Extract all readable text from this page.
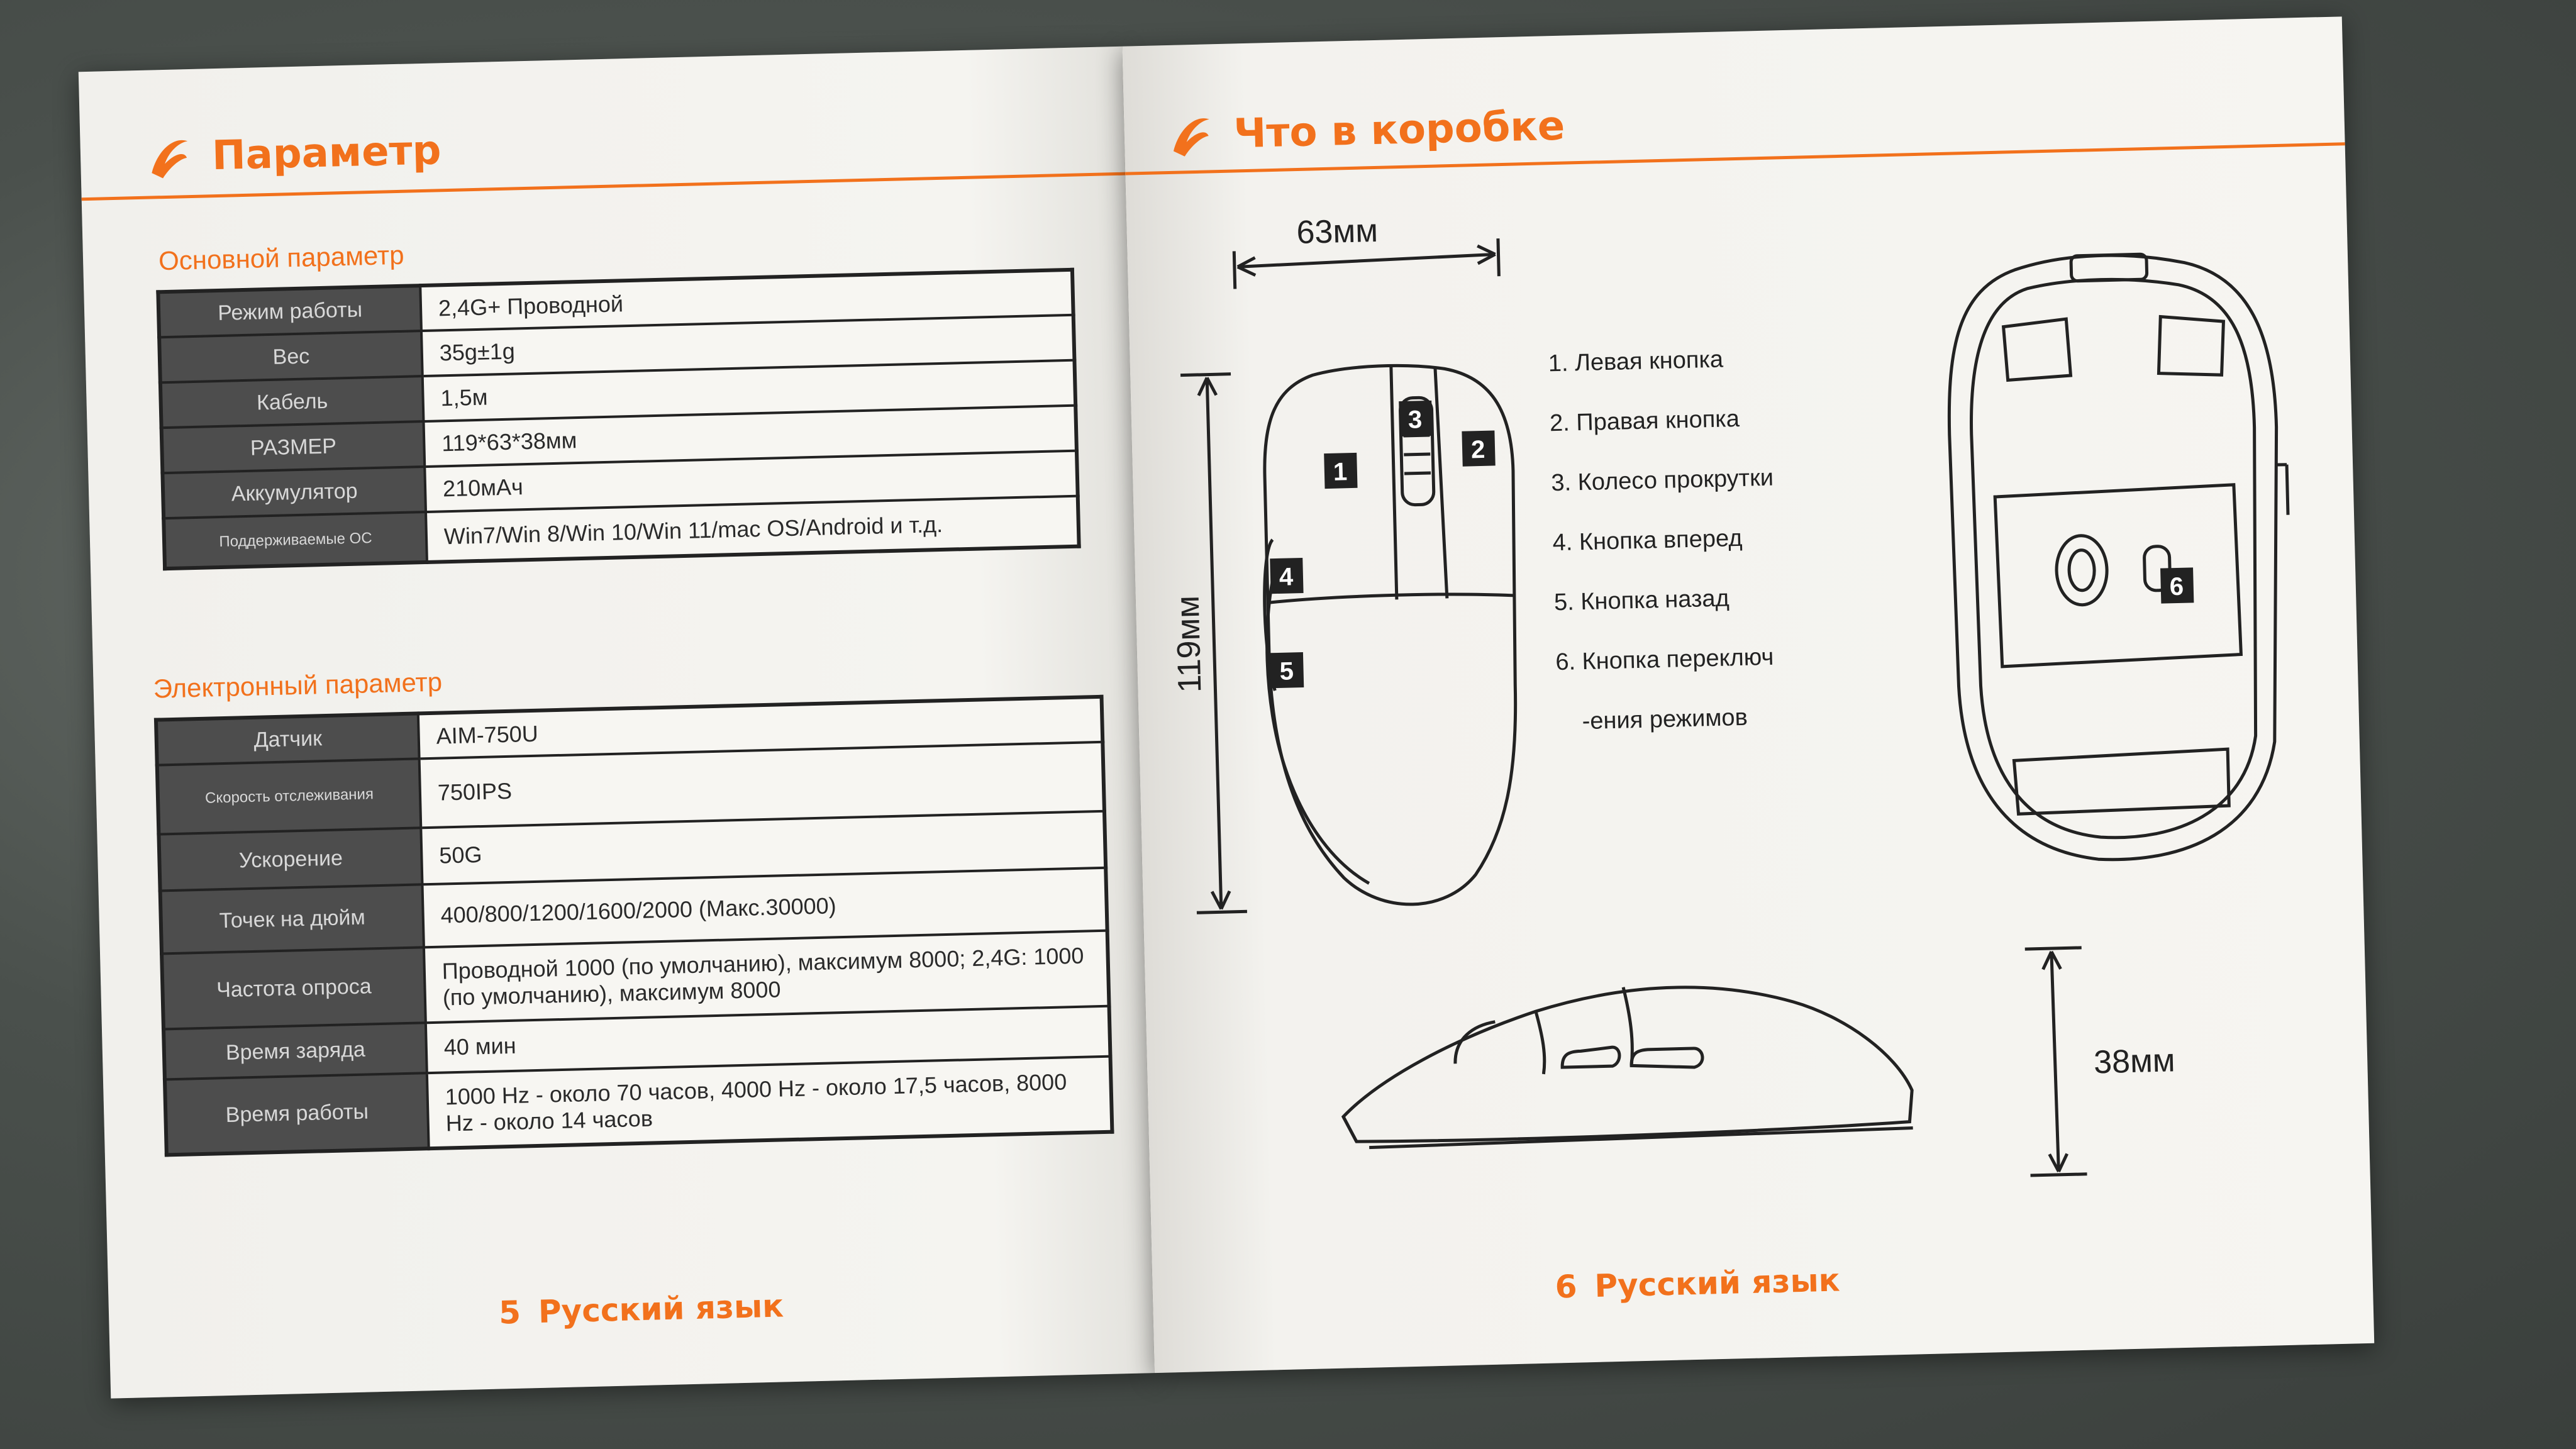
Параметр
Основной параметр
Режим работы	2,4G+ Проводной
Вес	35g±1g
Кабель	1,5м
РАЗМЕР	119*63*38мм
Аккумулятор	210мАч
Поддерживаемые ОС	Win7/Win 8/Win 10/Win 11/mac OS/Android и т.д.
Электронный параметр
Датчик	AIM-750U
Скорость отслеживания	750IPS
Ускорение	50G
Точек на дюйм	400/800/1200/1600/2000 (Макс.30000)
Частота опроса	Проводной 1000 (по умолчанию), максимум 8000; 2,4G: 1000 (по умолчанию), максимум 8000
Время заряда	40 мин
Время работы	1000 Hz - около 70 часов, 4000 Hz - около 17,5 часов, 8000 Hz - около 14 часов
5 Русский язык
Что в коробке
63мм
119мм
1
2
3
4
5
1. Левая кнопка
2. Правая кнопка
3. Колесо прокрутки
4. Кнопка вперед
5. Кнопка назад
6. Кнопка переключ
-ения режимов
6
38мм
6 Русский язык
